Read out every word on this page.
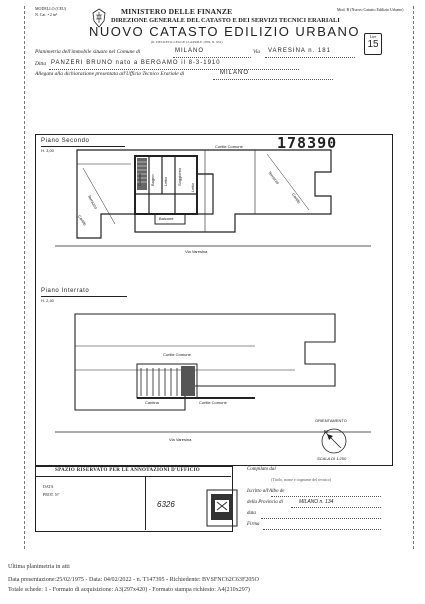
MODELLO (CEU)
N. Cat. • 2 m²
Mod. B (Nuovo Catasto Edilizio Urbano)
MINISTERO DELLE FINANZE
DIREZIONE GENERALE DEL CATASTO E DEI SERVIZI TECNICI ERARIALI
NUOVO CATASTO EDILIZIO URBANO
(R. DECRETO-LEGGE 13 APRILE 1939, N. 652)
Lire
15
Planimetria dell'immobile situato nel Comune di	MILANO	Via VARESINA n. 181
Ditta PANZERI BRUNO nato a BERGAMO il 8-3-1910
Allegata alla dichiarazione presentata all'Ufficio Tecnico Erariale di	MILANO
Piano Secondo
H. 3,00	178390
Cortile Comune
Cucina Bagno Letto Soggiorno
Balcone
Letto
Terrazzo
Terrazzo
Cortile
Cortile
Via Varesina
Piano Interrato
H. 2,40
Cortile Comune
Cortile Comune
Cantina
Via Varesina
ORIENTAMENTO
N
SCALA DI 1:200
SPAZIO RISERVATO PER LE ANNOTAZIONI D'UFFICIO
DATA
PROT. N°
6326
Compilato dal
(Titolo, nome e cognome del tecnico)
Iscritto all'Albo de
della Provincia di	MILANO n. 134
data
Firma
Ultima planimetria in atti
Data presentazione:25/02/1975 - Data: 04/02/2022 - n. T147395 - Richiedente: BVSFNC62C63F205O
Totale schede: 1 - Formato di acquisizione: A3(297x420) - Formato stampa richiesto: A4(210x297)
